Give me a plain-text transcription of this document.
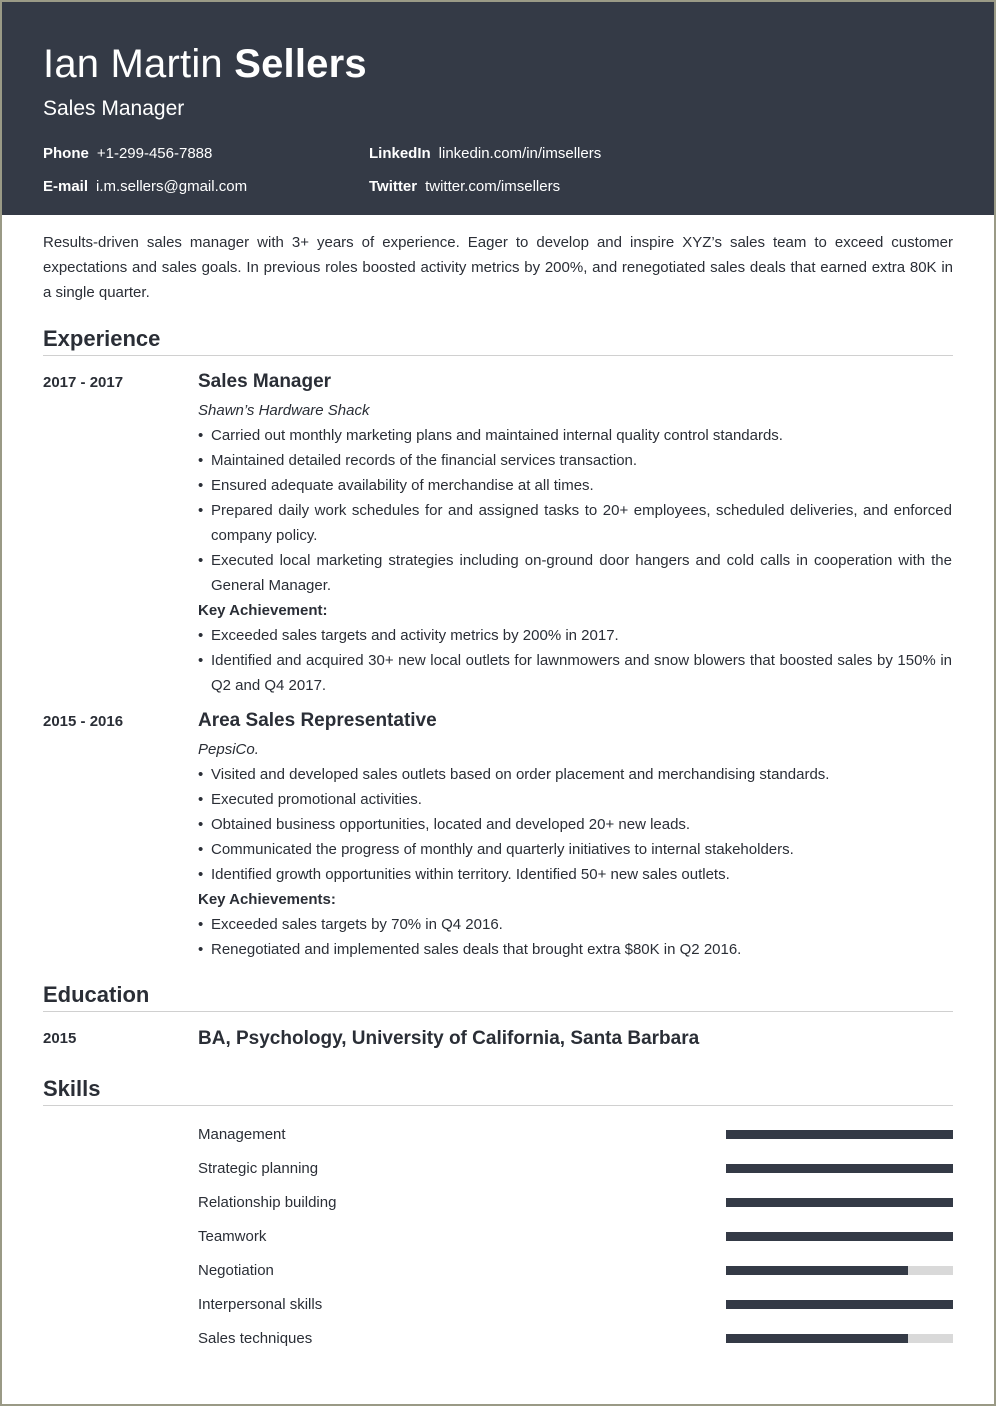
Ian Martin Sellers
Sales Manager
Phone +1-299-456-7888	LinkedIn linkedin.com/in/imsellers
E-mail i.m.sellers@gmail.com	Twitter twitter.com/imsellers

Results-driven sales manager with 3+ years of experience. Eager to develop and inspire XYZ’s sales team to exceed customer expectations and sales goals. In previous roles boosted activity metrics by 200%, and renegotiated sales deals that earned extra 80K in a single quarter.

Experience
2017 - 2017	Sales Manager
Shawn’s Hardware Shack
• Carried out monthly marketing plans and maintained internal quality control standards.
• Maintained detailed records of the financial services transaction.
• Ensured adequate availability of merchandise at all times.
• Prepared daily work schedules for and assigned tasks to 20+ employees, scheduled deliveries, and enforced company policy.
• Executed local marketing strategies including on-ground door hangers and cold calls in cooperation with the General Manager.
Key Achievement:
• Exceeded sales targets and activity metrics by 200% in 2017.
• Identified and acquired 30+ new local outlets for lawnmowers and snow blowers that boosted sales by 150% in Q2 and Q4 2017.
2015 - 2016	Area Sales Representative
PepsiCo.
• Visited and developed sales outlets based on order placement and merchandising standards.
• Executed promotional activities.
• Obtained business opportunities, located and developed 20+ new leads.
• Communicated the progress of monthly and quarterly initiatives to internal stakeholders.
• Identified growth opportunities within territory. Identified 50+ new sales outlets.
Key Achievements:
• Exceeded sales targets by 70% in Q4 2016.
• Renegotiated and implemented sales deals that brought extra $80K in Q2 2016.
Education
2015	BA, Psychology, University of California, Santa Barbara
Skills
Management
Strategic planning
Relationship building
Teamwork
Negotiation
Interpersonal skills
Sales techniques
